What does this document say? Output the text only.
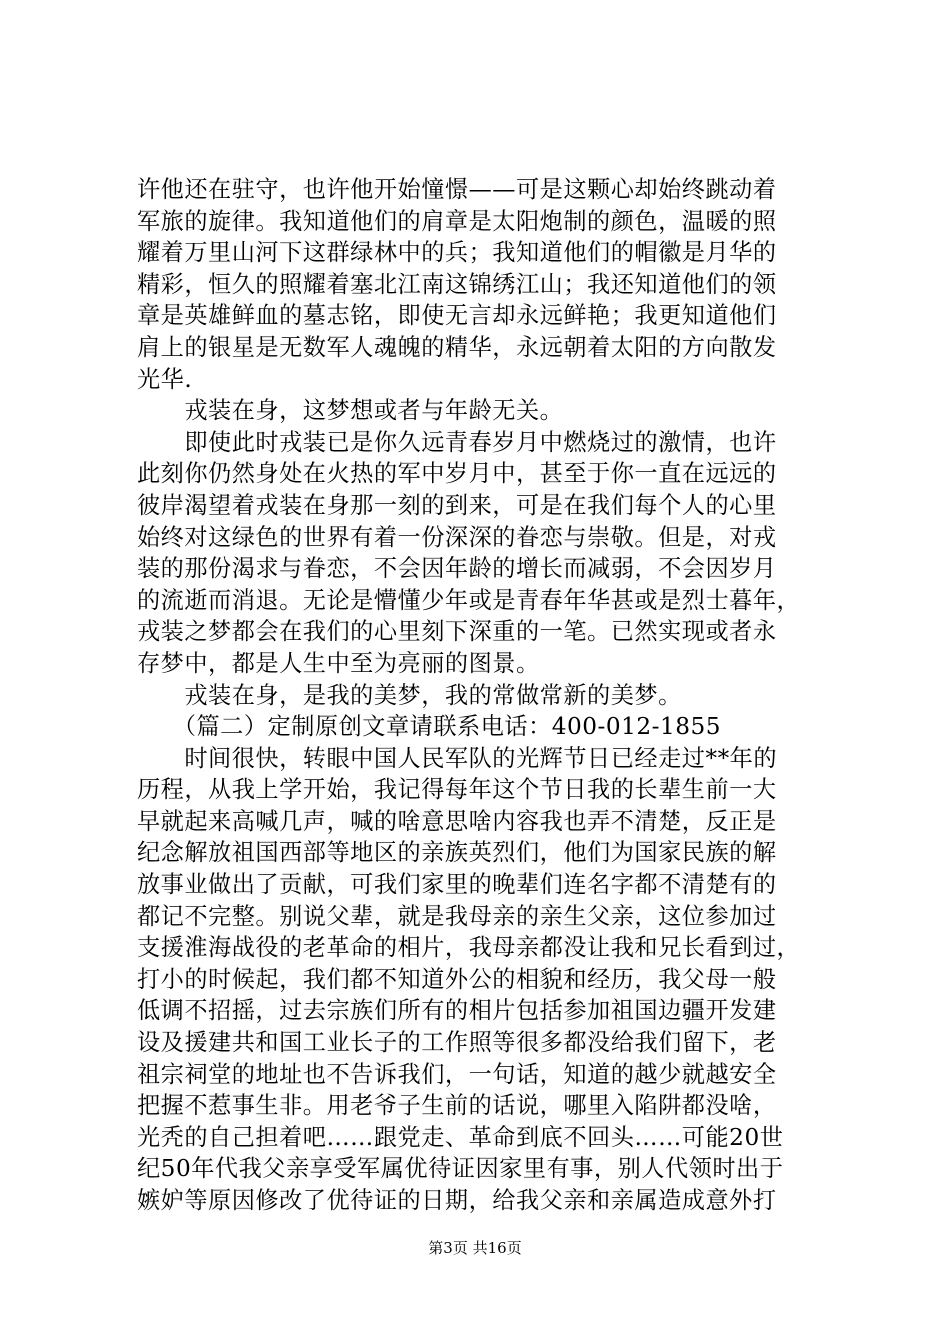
许他还在驻守，也许他开始憧憬——可是这颗心却始终跳动着
军旅的旋律。我知道他们的肩章是太阳炮制的颜色，温暖的照
耀着万里山河下这群绿林中的兵；我知道他们的帽徽是月华的
精彩，恒久的照耀着塞北江南这锦绣江山；我还知道他们的领
章是英雄鲜血的墓志铭，即使无言却永远鲜艳；我更知道他们
肩上的银星是无数军人魂魄的精华，永远朝着太阳的方向散发
光华.
　　戎装在身，这梦想或者与年龄无关。
　　即使此时戎装已是你久远青春岁月中燃烧过的激情，也许
此刻你仍然身处在火热的军中岁月中，甚至于你一直在远远的
彼岸渴望着戎装在身那一刻的到来，可是在我们每个人的心里
始终对这绿色的世界有着一份深深的眷恋与崇敬。但是，对戎
装的那份渴求与眷恋，不会因年龄的增长而减弱，不会因岁月
的流逝而消退。无论是懵懂少年或是青春年华甚或是烈士暮年，
戎装之梦都会在我们的心里刻下深重的一笔。已然实现或者永
存梦中，都是人生中至为亮丽的图景。
　　戎装在身，是我的美梦，我的常做常新的美梦。
　　（篇二）定制原创文章请联系电话：400-012-1855
　　时间很快，转眼中国人民军队的光辉节日已经走过**年的
历程，从我上学开始，我记得每年这个节日我的长辈生前一大
早就起来高喊几声，喊的啥意思啥内容我也弄不清楚，反正是
纪念解放祖国西部等地区的亲族英烈们，他们为国家民族的解
放事业做出了贡献，可我们家里的晚辈们连名字都不清楚有的
都记不完整。别说父辈，就是我母亲的亲生父亲，这位参加过
支援淮海战役的老革命的相片，我母亲都没让我和兄长看到过，
打小的时候起，我们都不知道外公的相貌和经历，我父母一般
低调不招摇，过去宗族们所有的相片包括参加祖国边疆开发建
设及援建共和国工业长子的工作照等很多都没给我们留下，老
祖宗祠堂的地址也不告诉我们，一句话，知道的越少就越安全
把握不惹事生非。用老爷子生前的话说，哪里入陷阱都没啥，
光秃的自己担着吧……跟党走、革命到底不回头……可能20世
纪50年代我父亲享受军属优待证因家里有事，别人代领时出于
嫉妒等原因修改了优待证的日期，给我父亲和亲属造成意外打
第3页 共16页
